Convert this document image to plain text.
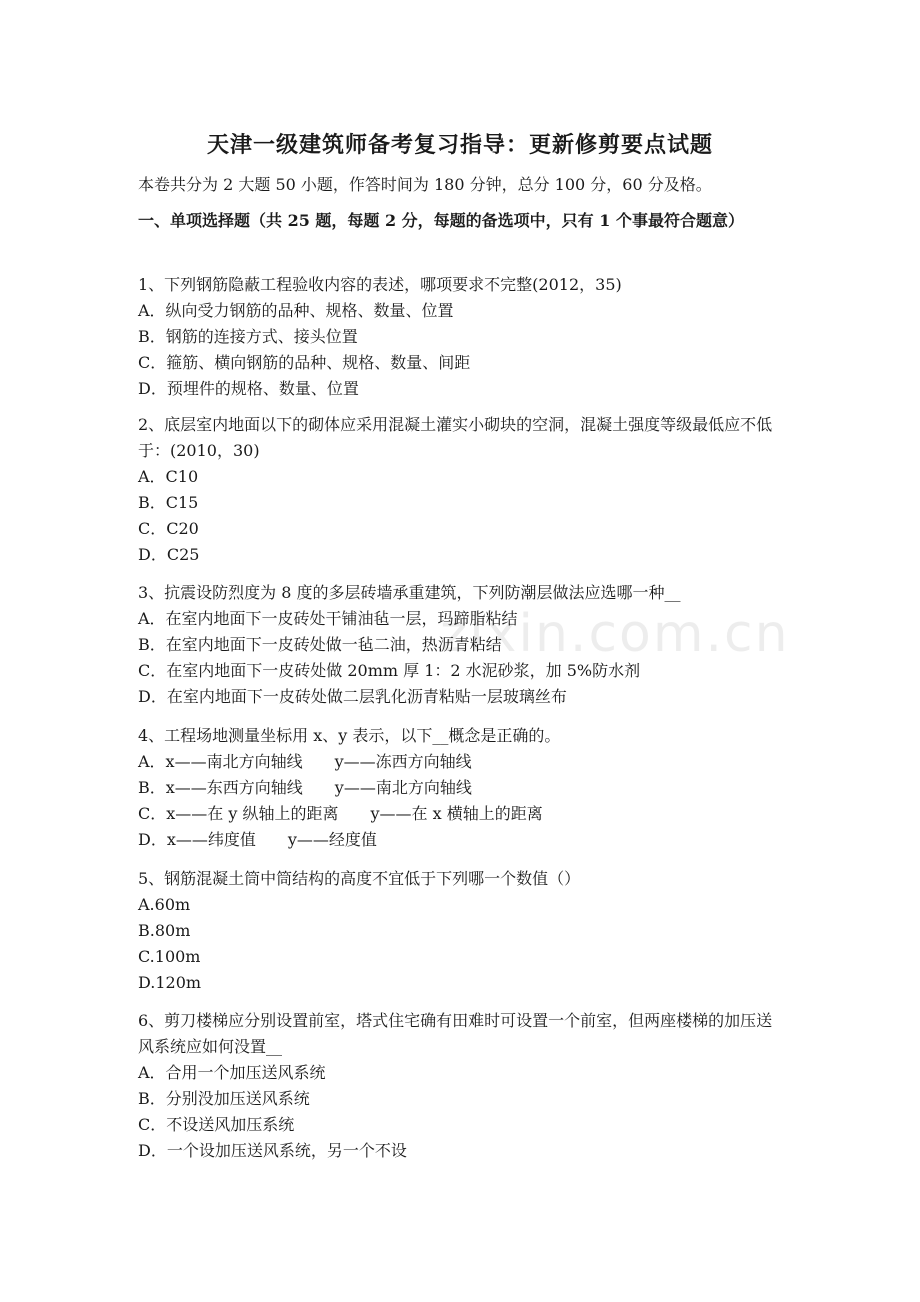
天津一级建筑师备考复习指导：更新修剪要点试题
本卷共分为 2 大题 50 小题，作答时间为 180 分钟，总分 100 分，60 分及格。
一、单项选择题（共 25 题，每题 2 分，每题的备选项中，只有 1 个事最符合题意）
1、下列钢筋隐蔽工程验收内容的表述，哪项要求不完整(2012，35)
A．纵向受力钢筋的品种、规格、数量、位置
B．钢筋的连接方式、接头位置
C．箍筋、横向钢筋的品种、规格、数量、间距
D．预埋件的规格、数量、位置
2、底层室内地面以下的砌体应采用混凝土灌实小砌块的空洞，混凝土强度等级最低应不低于：(2010，30)
A．C10
B．C15
C．C20
D．C25
3、抗震设防烈度为 8 度的多层砖墙承重建筑，下列防潮层做法应选哪一种__
A．在室内地面下一皮砖处干铺油毡一层，玛蹄脂粘结
B．在室内地面下一皮砖处做一毡二油，热沥青粘结
C．在室内地面下一皮砖处做 20mm 厚 1：2 水泥砂浆，加 5%防水剂
D．在室内地面下一皮砖处做二层乳化沥青粘贴一层玻璃丝布
4、工程场地测量坐标用 x、y 表示，以下__概念是正确的。
A．x——南北方向轴线　　y——冻西方向轴线
B．x——东西方向轴线　　y——南北方向轴线
C．x——在 y 纵轴上的距离　　y——在 x 横轴上的距离
D．x——纬度值　　y——经度值
5、钢筋混凝土筒中筒结构的高度不宜低于下列哪一个数值（）
A.60m
B.80m
C.100m
D.120m
6、剪刀楼梯应分别设置前室，塔式住宅确有田难时可设置一个前室，但两座楼梯的加压送风系统应如何没置__
A．合用一个加压送风系统
B．分别没加压送风系统
C．不设送风加压系统
D．一个设加压送风系统，另一个不设
zixin.com.cn
